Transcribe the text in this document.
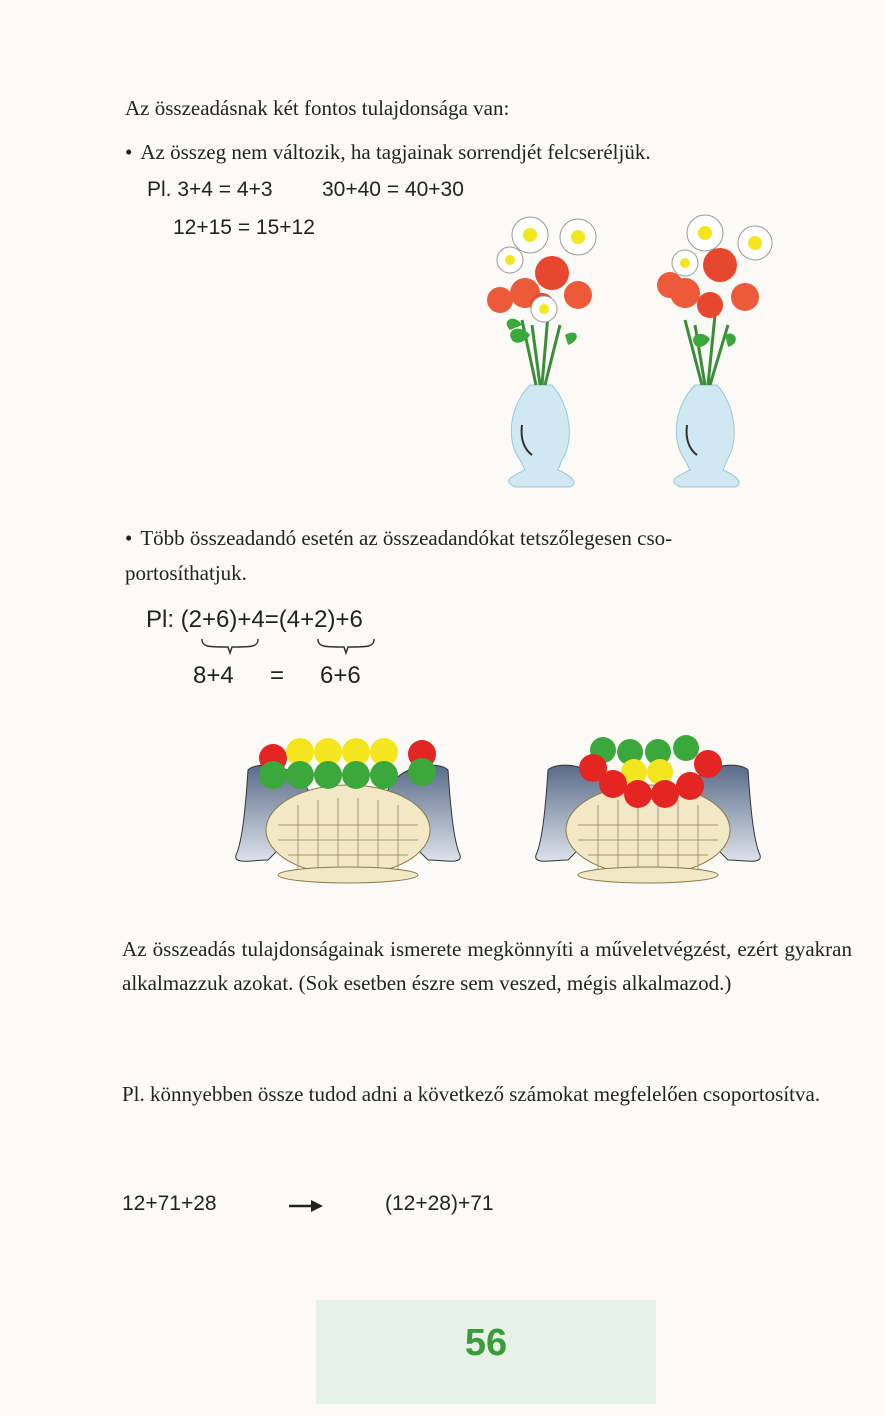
Az összeadásnak két fontos tulajdonsága van:
• Az összeg nem változik, ha tagjainak sorrendjét felcseréljük.
Pl. 3+4 = 4+3 30+40 = 40+30
12+15 = 15+12
• Több összeadandó esetén az összeadandókat tetszőlegesen cso-
portosíthatjuk.
Pl: (2+6)+4=(4+2)+6
8+4 = 6+6
Az összeadás tulajdonságainak ismerete megkönnyíti a műveletvégzést, ezért gyakran alkalmazzuk azokat. (Sok esetben észre sem veszed, mégis alkalmazod.)
Pl. könnyebben össze tudod adni a következő számokat megfelelően csoportosítva.
12+71+28	(12+28)+71
56
